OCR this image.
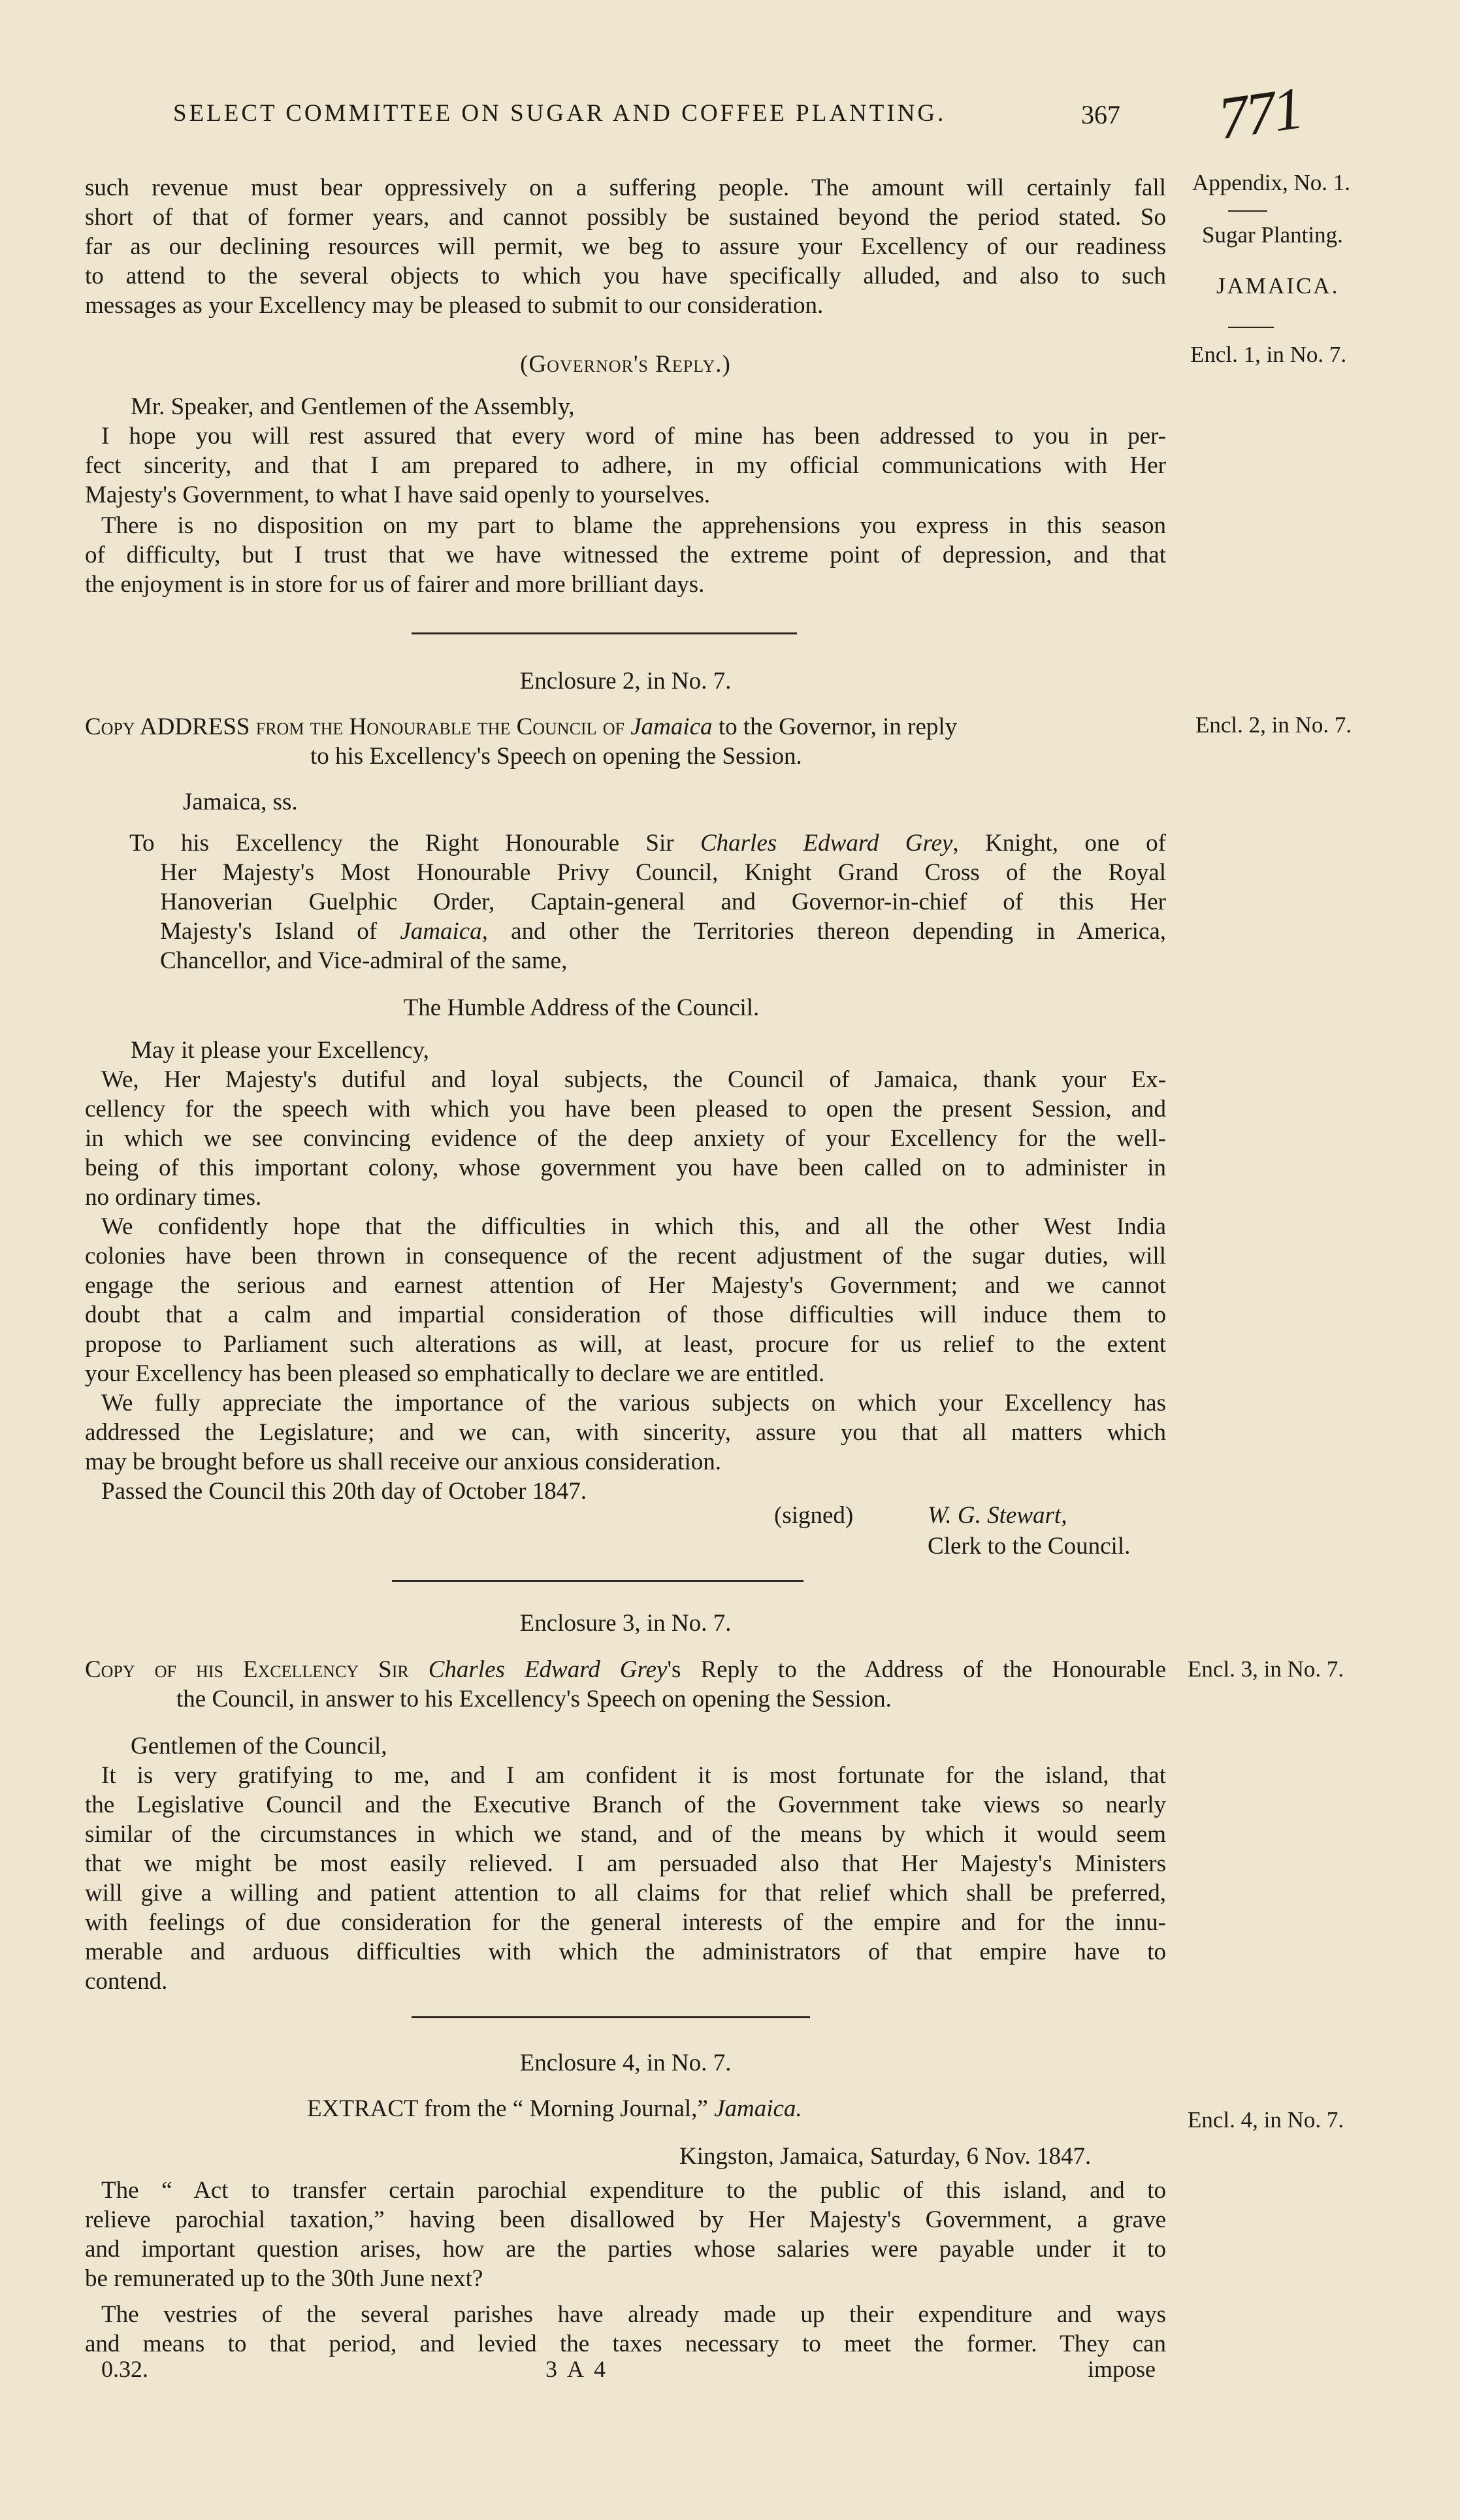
SELECT COMMITTEE ON SUGAR AND COFFEE PLANTING.	367 771
Appendix, No. 1.
Sugar Planting.
JAMAICA.
Encl. 1, in No. 7.
Encl. 2, in No. 7.
Encl. 3, in No. 7.
Encl. 4, in No. 7.
such revenue must bear oppressively on a suffering people. The amount will certainly fall
short of that of former years, and cannot possibly be sustained beyond the period stated. So
far as our declining resources will permit, we beg to assure your Excellency of our readiness
to attend to the several objects to which you have specifically alluded, and also to such
messages as your Excellency may be pleased to submit to our consideration.
(Governor's Reply.)
Mr. Speaker, and Gentlemen of the Assembly,
I hope you will rest assured that every word of mine has been addressed to you in per-
fect sincerity, and that I am prepared to adhere, in my official communications with Her
Majesty's Government, to what I have said openly to yourselves.
There is no disposition on my part to blame the apprehensions you express in this season
of difficulty, but I trust that we have witnessed the extreme point of depression, and that
the enjoyment is in store for us of fairer and more brilliant days.
Enclosure 2, in No. 7.
Copy ADDRESS from the Honourable the Council of Jamaica to the Governor, in reply
to his Excellency's Speech on opening the Session.
Jamaica, ss.
To his Excellency the Right Honourable Sir Charles Edward Grey, Knight, one of
Her Majesty's Most Honourable Privy Council, Knight Grand Cross of the Royal
Hanoverian Guelphic Order, Captain-general and Governor-in-chief of this Her
Majesty's Island of Jamaica, and other the Territories thereon depending in America,
Chancellor, and Vice-admiral of the same,
The Humble Address of the Council.
May it please your Excellency,
We, Her Majesty's dutiful and loyal subjects, the Council of Jamaica, thank your Ex-
cellency for the speech with which you have been pleased to open the present Session, and
in which we see convincing evidence of the deep anxiety of your Excellency for the well-
being of this important colony, whose government you have been called on to administer in
no ordinary times.
We confidently hope that the difficulties in which this, and all the other West India
colonies have been thrown in consequence of the recent adjustment of the sugar duties, will
engage the serious and earnest attention of Her Majesty's Government; and we cannot
doubt that a calm and impartial consideration of those difficulties will induce them to
propose to Parliament such alterations as will, at least, procure for us relief to the extent
your Excellency has been pleased so emphatically to declare we are entitled.
We fully appreciate the importance of the various subjects on which your Excellency has
addressed the Legislature; and we can, with sincerity, assure you that all matters which
may be brought before us shall receive our anxious consideration.
Passed the Council this 20th day of October 1847.
(signed)	W. G. Stewart,
Clerk to the Council.
Enclosure 3, in No. 7.
Copy of his Excellency Sir Charles Edward Grey's Reply to the Address of the Honourable
the Council, in answer to his Excellency's Speech on opening the Session.
Gentlemen of the Council,
It is very gratifying to me, and I am confident it is most fortunate for the island, that
the Legislative Council and the Executive Branch of the Government take views so nearly
similar of the circumstances in which we stand, and of the means by which it would seem
that we might be most easily relieved. I am persuaded also that Her Majesty's Ministers
will give a willing and patient attention to all claims for that relief which shall be preferred,
with feelings of due consideration for the general interests of the empire and for the innu-
merable and arduous difficulties with which the administrators of that empire have to
contend.
Enclosure 4, in No. 7.
EXTRACT from the “ Morning Journal,” Jamaica.
Kingston, Jamaica, Saturday, 6 Nov. 1847.
The “ Act to transfer certain parochial expenditure to the public of this island, and to
relieve parochial taxation,” having been disallowed by Her Majesty's Government, a grave
and important question arises, how are the parties whose salaries were payable under it to
be remunerated up to the 30th June next?
The vestries of the several parishes have already made up their expenditure and ways
and means to that period, and levied the taxes necessary to meet the former. They can
0.32.	3 A 4	impose
